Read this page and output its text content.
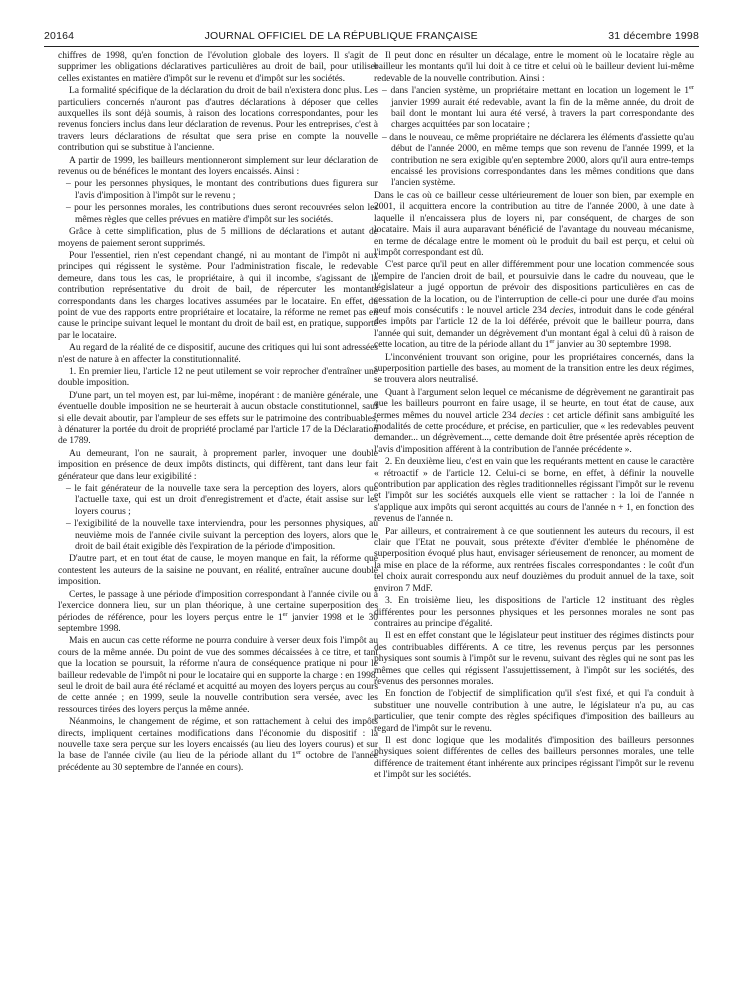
20164	JOURNAL OFFICIEL DE LA RÉPUBLIQUE FRANÇAISE	31 décembre 1998

chiffres de 1998, qu'en fonction de l'évolution globale des loyers. Il s'agit de supprimer les obligations déclaratives particulières au droit de bail, pour utiliser celles existantes en matière d'impôt sur le revenu et d'impôt sur les sociétés.

La formalité spécifique de la déclaration du droit de bail n'existera donc plus. Les particuliers concernés n'auront pas d'autres déclarations à déposer que celles auxquelles ils sont déjà soumis, à raison des locations correspondantes, pour les revenus fonciers inclus dans leur déclaration de revenus. Pour les entreprises, c'est à travers leurs déclarations de résultat que sera prise en compte la nouvelle contribution qui se substitue à l'ancienne.

A partir de 1999, les bailleurs mentionneront simplement sur leur déclaration de revenus ou de bénéfices le montant des loyers encaissés. Ainsi :

– pour les personnes physiques, le montant des contributions dues figurera sur l'avis d'imposition à l'impôt sur le revenu ;
– pour les personnes morales, les contributions dues seront recouvrées selon les mêmes règles que celles prévues en matière d'impôt sur les sociétés.

Grâce à cette simplification, plus de 5 millions de déclarations et autant de moyens de paiement seront supprimés.

Pour l'essentiel, rien n'est cependant changé, ni au montant de l'impôt ni aux principes qui régissent le système. Pour l'administration fiscale, le redevable demeure, dans tous les cas, le propriétaire, à qui il incombe, s'agissant de la contribution représentative du droit de bail, de répercuter les montants correspondants dans les charges locatives assumées par le locataire. En effet, du point de vue des rapports entre propriétaire et locataire, la réforme ne remet pas en cause le principe suivant lequel le montant du droit de bail est, en pratique, supporté par le locataire.

Au regard de la réalité de ce dispositif, aucune des critiques qui lui sont adressées n'est de nature à en affecter la constitutionnalité.

1. En premier lieu, l'article 12 ne peut utilement se voir reprocher d'entraîner une double imposition.

D'une part, un tel moyen est, par lui-même, inopérant : de manière générale, une éventuelle double imposition ne se heurterait à aucun obstacle constitutionnel, sauf si elle devait aboutir, par l'ampleur de ses effets sur le patrimoine des contribuables, à dénaturer la portée du droit de propriété proclamé par l'article 17 de la Déclaration de 1789.

Au demeurant, l'on ne saurait, à proprement parler, invoquer une double imposition en présence de deux impôts distincts, qui diffèrent, tant dans leur fait générateur que dans leur exigibilité :

– le fait générateur de la nouvelle taxe sera la perception des loyers, alors que l'actuelle taxe, qui est un droit d'enregistrement et d'acte, était assise sur les loyers courus ;
– l'exigibilité de la nouvelle taxe interviendra, pour les personnes physiques, au neuvième mois de l'année civile suivant la perception des loyers, alors que le droit de bail était exigible dès l'expiration de la période d'imposition.

D'autre part, et en tout état de cause, le moyen manque en fait, la réforme que contestent les auteurs de la saisine ne pouvant, en réalité, entraîner aucune double imposition.

Certes, le passage à une période d'imposition correspondant à l'année civile ou à l'exercice donnera lieu, sur un plan théorique, à une certaine superposition des périodes de référence, pour les loyers perçus entre le 1er janvier 1998 et le 30 septembre 1998.

Mais en aucun cas cette réforme ne pourra conduire à verser deux fois l'impôt au cours de la même année. Du point de vue des sommes décaissées à ce titre, et tant que la location se poursuit, la réforme n'aura de conséquence pratique ni pour le bailleur redevable de l'impôt ni pour le locataire qui en supporte la charge : en 1998, seul le droit de bail aura été réclamé et acquitté au moyen des loyers perçus au cours de cette année ; en 1999, seule la nouvelle contribution sera versée, avec les ressources tirées des loyers perçus la même année.

Néanmoins, le changement de régime, et son rattachement à celui des impôts directs, impliquent certaines modifications dans l'économie du dispositif : la nouvelle taxe sera perçue sur les loyers encaissés (au lieu des loyers courus) et sur la base de l'année civile (au lieu de la période allant du 1er octobre de l'année précédente au 30 septembre de l'année en cours).

Il peut donc en résulter un décalage, entre le moment où le locataire règle au bailleur les montants qu'il lui doit à ce titre et celui où le bailleur devient lui-même redevable de la nouvelle contribution. Ainsi :

– dans l'ancien système, un propriétaire mettant en location un logement le 1er janvier 1999 aurait été redevable, avant la fin de la même année, du droit de bail dont le montant lui aura été versé, à travers la part correspondante des charges acquittées par son locataire ;
– dans le nouveau, ce même propriétaire ne déclarera les éléments d'assiette qu'au début de l'année 2000, en même temps que son revenu de l'année 1999, et la contribution ne sera exigible qu'en septembre 2000, alors qu'il aura entre-temps encaissé les provisions correspondantes dans les mêmes conditions que dans l'ancien système.

Dans le cas où ce bailleur cesse ultérieurement de louer son bien, par exemple en 2001, il acquittera encore la contribution au titre de l'année 2000, à une date à laquelle il n'encaissera plus de loyers ni, par conséquent, de charges de son locataire. Mais il aura auparavant bénéficié de l'avantage du nouveau mécanisme, en terme de décalage entre le moment où le produit du bail est perçu, et celui où l'impôt correspondant est dû.

C'est parce qu'il peut en aller différemment pour une location commencée sous l'empire de l'ancien droit de bail, et poursuivie dans le cadre du nouveau, que le législateur a jugé opportun de prévoir des dispositions particulières en cas de cessation de la location, ou de l'interruption de celle-ci pour une durée d'au moins neuf mois consécutifs : le nouvel article 234 decies, introduit dans le code général des impôts par l'article 12 de la loi déférée, prévoit que le bailleur pourra, dans l'année qui suit, demander un dégrèvement d'un montant égal à celui dû à raison de cette location, au titre de la période allant du 1er janvier au 30 septembre 1998.

L'inconvénient trouvant son origine, pour les propriétaires concernés, dans la superposition partielle des bases, au moment de la transition entre les deux régimes, se trouvera alors neutralisé.

Quant à l'argument selon lequel ce mécanisme de dégrèvement ne garantirait pas que les bailleurs pourront en faire usage, il se heurte, en tout état de cause, aux termes mêmes du nouvel article 234 decies : cet article définit sans ambiguïté les modalités de cette procédure, et précise, en particulier, que « les redevables peuvent demander... un dégrèvement..., cette demande doit être présentée après réception de l'avis d'imposition afférent à la contribution de l'année précédente ».

2. En deuxième lieu, c'est en vain que les requérants mettent en cause le caractère « rétroactif » de l'article 12. Celui-ci se borne, en effet, à définir la nouvelle contribution par application des règles traditionnelles régissant l'impôt sur le revenu et l'impôt sur les sociétés auxquels elle vient se rattacher : la loi de l'année n s'applique aux impôts qui seront acquittés au cours de l'année n + 1, en fonction des revenus de l'année n.

Par ailleurs, et contrairement à ce que soutiennent les auteurs du recours, il est clair que l'Etat ne pouvait, sous prétexte d'éviter d'emblée le phénomène de superposition évoqué plus haut, envisager sérieusement de renoncer, au moment de la mise en place de la réforme, aux rentrées fiscales correspondantes : le coût d'un tel choix aurait correspondu aux neuf douzièmes du produit annuel de la taxe, soit environ 7 MdF.

3. En troisième lieu, les dispositions de l'article 12 instituant des règles différentes pour les personnes physiques et les personnes morales ne sont pas contraires au principe d'égalité.

Il est en effet constant que le législateur peut instituer des régimes distincts pour des contribuables différents. A ce titre, les revenus perçus par les personnes physiques sont soumis à l'impôt sur le revenu, suivant des règles qui ne sont pas les mêmes que celles qui régissent l'assujettissement, à l'impôt sur les sociétés, des revenus des personnes morales.

En fonction de l'objectif de simplification qu'il s'est fixé, et qui l'a conduit à substituer une nouvelle contribution à une autre, le législateur n'a pu, au cas particulier, que tenir compte des règles spécifiques d'imposition des bailleurs au regard de l'impôt sur le revenu.

Il est donc logique que les modalités d'imposition des bailleurs personnes physiques soient différentes de celles des bailleurs personnes morales, une telle différence de traitement étant inhérente aux principes régissant l'impôt sur le revenu et l'impôt sur les sociétés.
